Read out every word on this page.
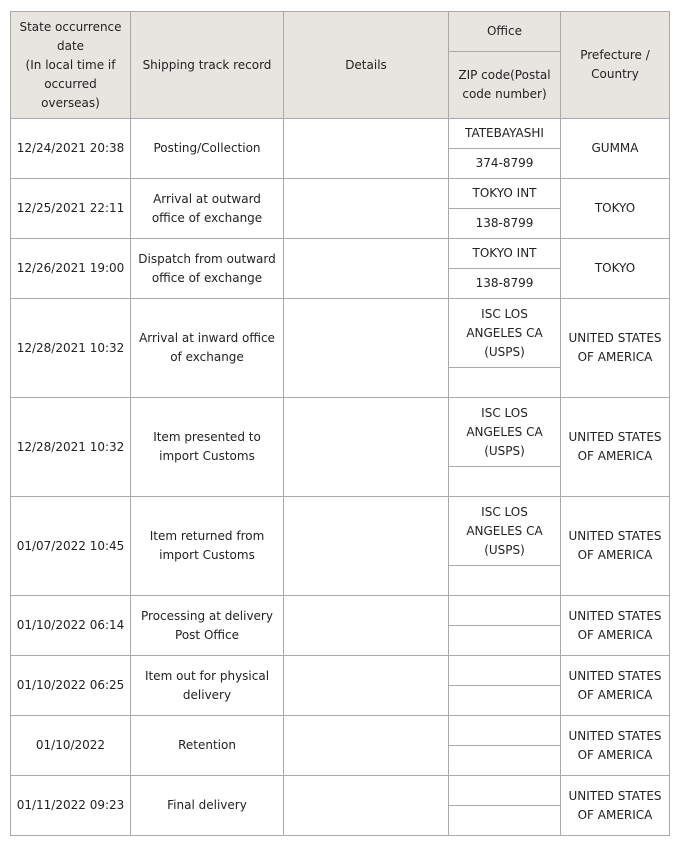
State occurrence date
(In local time if occurred overseas)	Shipping track record	Details	Office	Prefecture / Country
			ZIP code(Postal code number)	
12/24/2021 20:38	Posting/Collection		TATEBAYASHI	GUMMA
			374-8799	
12/25/2021 22:11	Arrival at outward office of exchange		TOKYO INT	TOKYO
			138-8799	
12/26/2021 19:00	Dispatch from outward office of exchange		TOKYO INT	TOKYO
			138-8799	
12/28/2021 10:32	Arrival at inward office of exchange		ISC LOS ANGELES CA (USPS)	UNITED STATES OF AMERICA

12/28/2021 10:32	Item presented to import Customs		ISC LOS ANGELES CA (USPS)	UNITED STATES OF AMERICA

01/07/2022 10:45	Item returned from import Customs		ISC LOS ANGELES CA (USPS)	UNITED STATES OF AMERICA

01/10/2022 06:14	Processing at delivery Post Office			UNITED STATES OF AMERICA

01/10/2022 06:25	Item out for physical delivery			UNITED STATES OF AMERICA

01/10/2022	Retention			UNITED STATES OF AMERICA

01/11/2022 09:23	Final delivery			UNITED STATES OF AMERICA
